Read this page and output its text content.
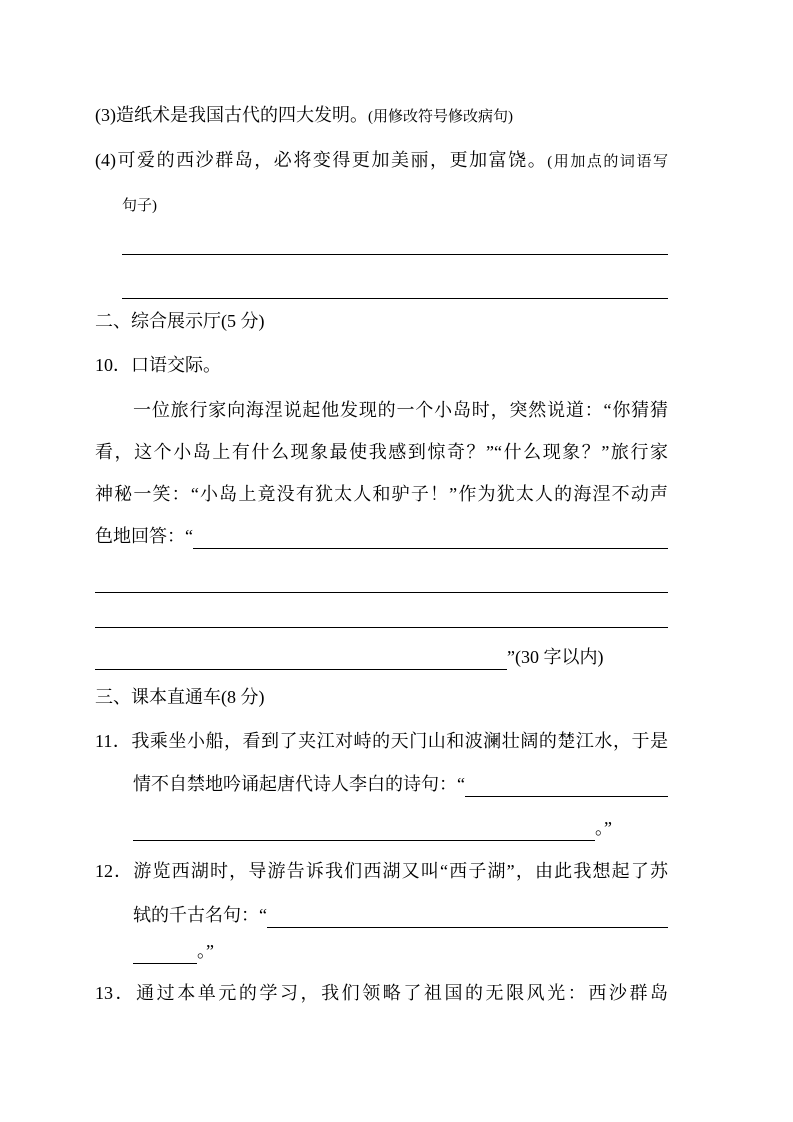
(3)造纸术是我国古代的四大发明。(用修改符号修改病句)
(4)可爱的西沙群岛，必将变得更加美丽，更加富饶。(用加点的词语写
句子)
二、综合展示厅(5 分)
10．口语交际。
一位旅行家向海涅说起他发现的一个小岛时，突然说道：“你猜猜
看，这个小岛上有什么现象最使我感到惊奇？”“什么现象？”旅行家
神秘一笑：“小岛上竟没有犹太人和驴子！”作为犹太人的海涅不动声
色地回答：“
”(30 字以内)
三、课本直通车(8 分)
11．我乘坐小船，看到了夹江对峙的天门山和波澜壮阔的楚江水，于是
情不自禁地吟诵起唐代诗人李白的诗句：“
。”
12．游览西湖时，导游告诉我们西湖又叫“西子湖”，由此我想起了苏
轼的千古名句：“
。”
13．通过本单元的学习，我们领略了祖国的无限风光：西沙群岛
